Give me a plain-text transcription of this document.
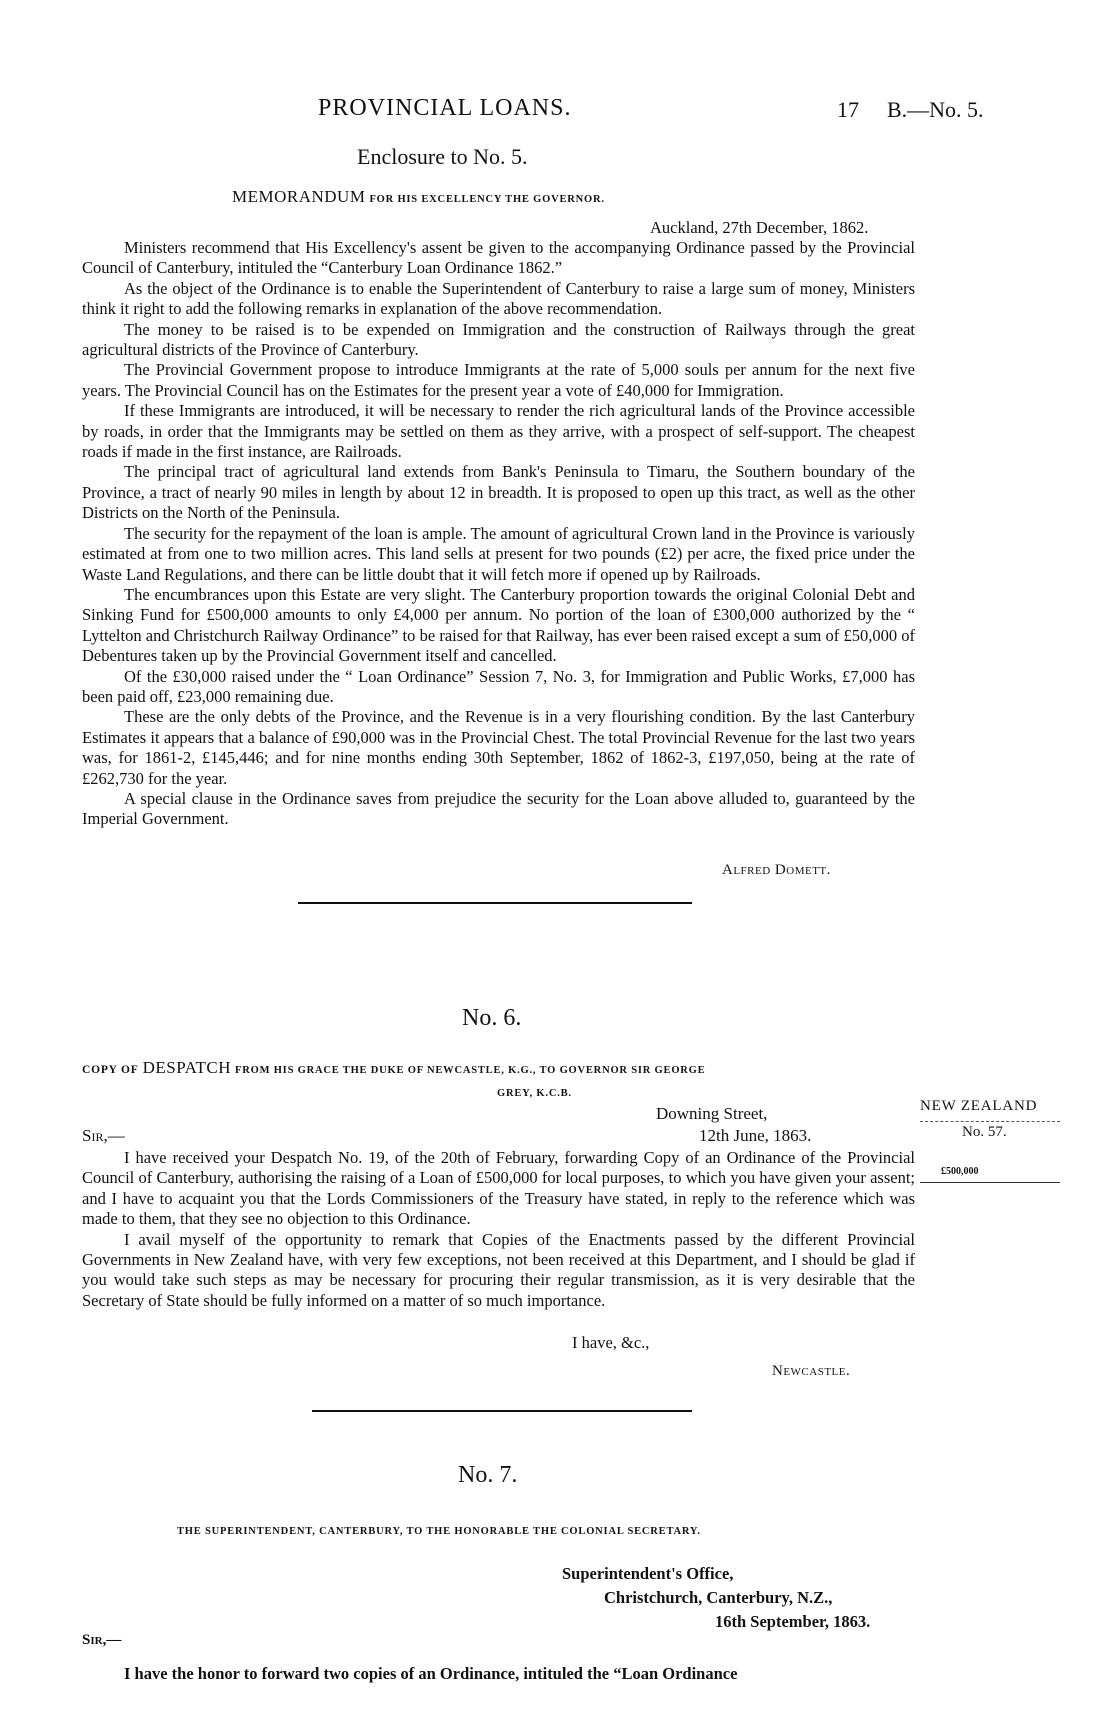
PROVINCIAL LOANS.	17 B.—No. 5.
Enclosure to No. 5.
MEMORANDUM FOR HIS EXCELLENCY THE GOVERNOR.
Auckland, 27th December, 1862.

Ministers recommend that His Excellency's assent be given to the accompanying Ordinance passed by the Provincial Council of Canterbury, intituled the “Canterbury Loan Ordinance 1862.”

As the object of the Ordinance is to enable the Superintendent of Canterbury to raise a large sum of money, Ministers think it right to add the following remarks in explanation of the above recommendation.

The money to be raised is to be expended on Immigration and the construction of Railways through the great agricultural districts of the Province of Canterbury.

The Provincial Government propose to introduce Immigrants at the rate of 5,000 souls per annum for the next five years. The Provincial Council has on the Estimates for the present year a vote of £40,000 for Immigration.

If these Immigrants are introduced, it will be necessary to render the rich agricultural lands of the Province accessible by roads, in order that the Immigrants may be settled on them as they arrive, with a prospect of self-support. The cheapest roads if made in the first instance, are Railroads.

The principal tract of agricultural land extends from Bank's Peninsula to Timaru, the Southern boundary of the Province, a tract of nearly 90 miles in length by about 12 in breadth. It is proposed to open up this tract, as well as the other Districts on the North of the Peninsula.

The security for the repayment of the loan is ample. The amount of agricultural Crown land in the Province is variously estimated at from one to two million acres. This land sells at present for two pounds (£2) per acre, the fixed price under the Waste Land Regulations, and there can be little doubt that it will fetch more if opened up by Railroads.

The encumbrances upon this Estate are very slight. The Canterbury proportion towards the original Colonial Debt and Sinking Fund for £500,000 amounts to only £4,000 per annum. No portion of the loan of £300,000 authorized by the “ Lyttelton and Christchurch Railway Ordinance” to be raised for that Railway, has ever been raised except a sum of £50,000 of Debentures taken up by the Provincial Government itself and cancelled.

Of the £30,000 raised under the “ Loan Ordinance” Session 7, No. 3, for Immigration and Public Works, £7,000 has been paid off, £23,000 remaining due.

These are the only debts of the Province, and the Revenue is in a very flourishing condition. By the last Canterbury Estimates it appears that a balance of £90,000 was in the Provincial Chest. The total Provincial Revenue for the last two years was, for 1861-2, £145,446; and for nine months ending 30th September, 1862 of 1862-3, £197,050, being at the rate of £262,730 for the year.

A special clause in the Ordinance saves from prejudice the security for the Loan above alluded to, guaranteed by the Imperial Government.

Alfred Domett.
No. 6.
COPY OF DESPATCH FROM HIS GRACE THE DUKE OF NEWCASTLE, K.G., TO GOVERNOR SIR GEORGE
GREY, K.C.B.
Downing Street,
12th June, 1863.
Sir,—
NEW ZEALAND
No. 57.
£500,000

I have received your Despatch No. 19, of the 20th of February, forwarding Copy of an Ordinance of the Provincial Council of Canterbury, authorising the raising of a Loan of £500,000 for local purposes, to which you have given your assent; and I have to acquaint you that the Lords Commissioners of the Treasury have stated, in reply to the reference which was made to them, that they see no objection to this Ordinance.

I avail myself of the opportunity to remark that Copies of the Enactments passed by the different Provincial Governments in New Zealand have, with very few exceptions, not been received at this Department, and I should be glad if you would take such steps as may be necessary for procuring their regular transmission, as it is very desirable that the Secretary of State should be fully informed on a matter of so much importance.

I have, &c.,
Newcastle.
No. 7.
THE SUPERINTENDENT, CANTERBURY, TO THE HONORABLE THE COLONIAL SECRETARY.
Superintendent's Office,
Christchurch, Canterbury, N.Z.,
16th September, 1863.
Sir,—

I have the honor to forward two copies of an Ordinance, intituled the “Loan Ordinance
